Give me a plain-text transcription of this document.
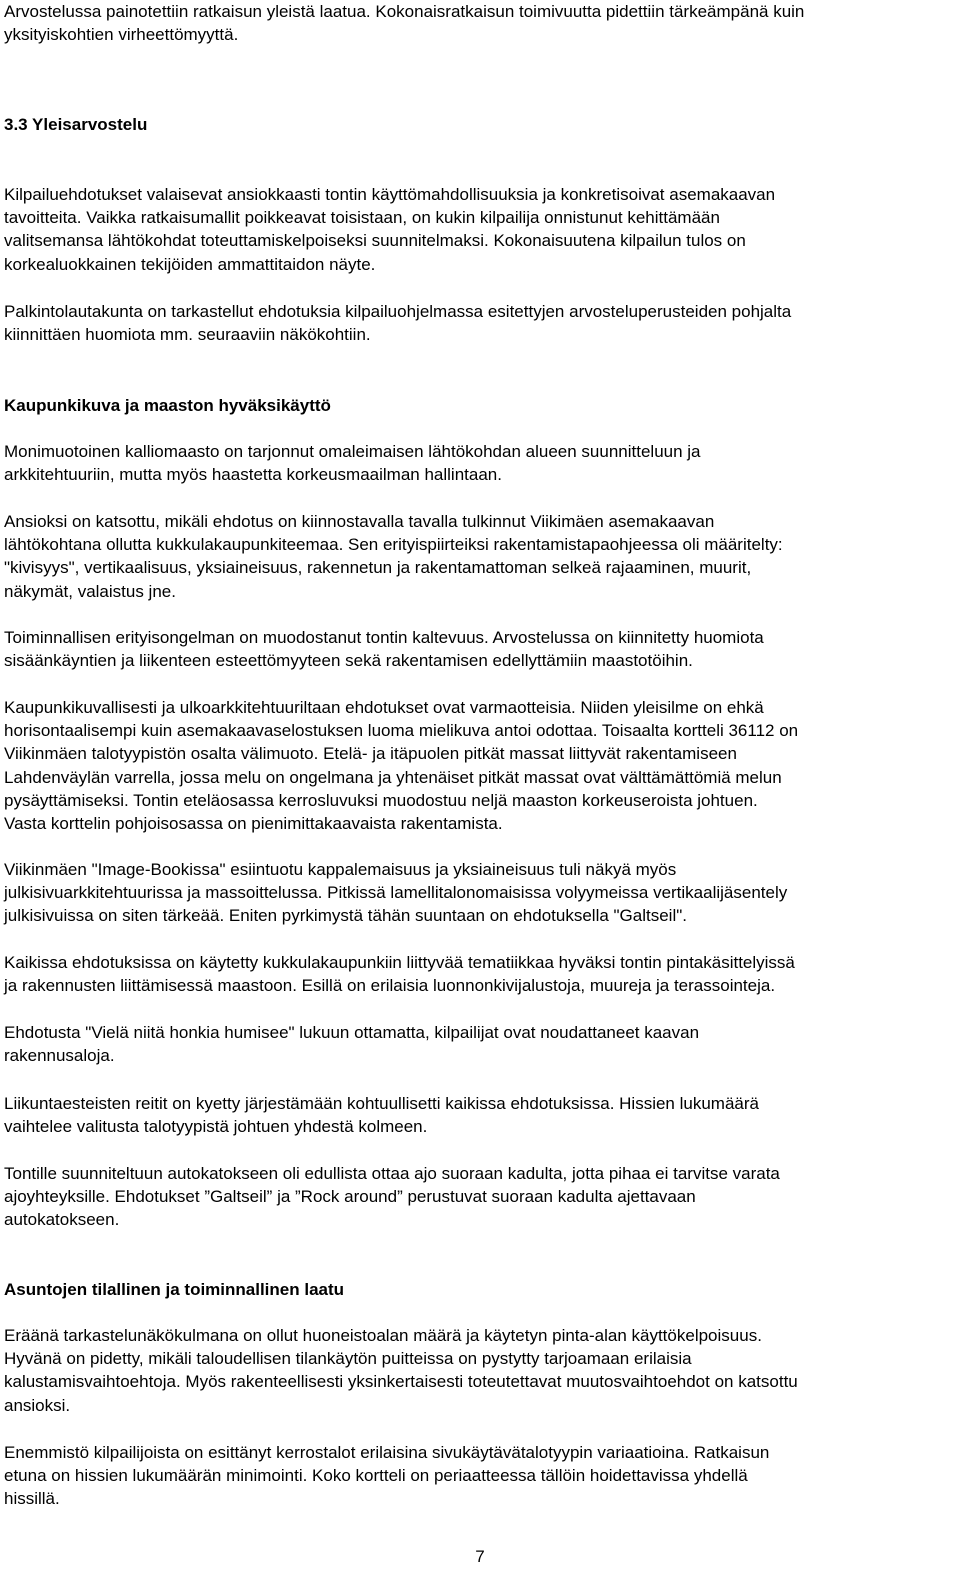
Arvostelussa painotettiin ratkaisun yleistä laatua. Kokonaisratkaisun toimivuutta pidettiin tärkeämpänä kuin
yksityiskohtien virheettömyyttä.

3.3 Yleisarvostelu

Kilpailuehdotukset valaisevat ansiokkaasti tontin käyttömahdollisuuksia ja konkretisoivat asemakaavan
tavoitteita. Vaikka ratkaisumallit poikkeavat toisistaan, on kukin kilpailija onnistunut kehittämään
valitsemansa lähtökohdat toteuttamiskelpoiseksi suunnitelmaksi. Kokonaisuutena kilpailun tulos on
korkealuokkainen tekijöiden ammattitaidon näyte.

Palkintolautakunta on tarkastellut ehdotuksia kilpailuohjelmassa esitettyjen arvosteluperusteiden pohjalta
kiinnittäen huomiota mm. seuraaviin näkökohtiin.

Kaupunkikuva ja maaston hyväksikäyttö

Monimuotoinen kalliomaasto on tarjonnut omaleimaisen lähtökohdan alueen suunnitteluun ja
arkkitehtuuriin, mutta myös haastetta korkeusmaailman hallintaan.

Ansioksi on katsottu, mikäli ehdotus on kiinnostavalla tavalla tulkinnut Viikimäen asemakaavan
lähtökohtana ollutta kukkulakaupunkiteemaa. Sen erityispiirteiksi rakentamistapaohjeessa oli määritelty:
"kivisyys", vertikaalisuus, yksiaineisuus, rakennetun ja rakentamattoman selkeä rajaaminen, muurit,
näkymät, valaistus jne.

Toiminnallisen erityisongelman on muodostanut tontin kaltevuus. Arvostelussa on kiinnitetty huomiota
sisäänkäyntien ja liikenteen esteettömyyteen sekä rakentamisen edellyttämiin maastotöihin.

Kaupunkikuvallisesti ja ulkoarkkitehtuuriltaan ehdotukset ovat varmaotteisia. Niiden yleisilme on ehkä
horisontaalisempi kuin asemakaavaselostuksen luoma mielikuva antoi odottaa. Toisaalta kortteli 36112 on
Viikinmäen talotyypistön osalta välimuoto. Etelä- ja itäpuolen pitkät massat liittyvät rakentamiseen
Lahdenväylän varrella, jossa melu on ongelmana ja yhtenäiset pitkät massat ovat välttämättömiä melun
pysäyttämiseksi. Tontin eteläosassa kerrosluvuksi muodostuu neljä maaston korkeuseroista johtuen.
Vasta korttelin pohjoisosassa on pienimittakaavaista rakentamista.

Viikinmäen "Image-Bookissa" esiintuotu kappalemaisuus ja yksiaineisuus tuli näkyä myös
julkisivuarkkitehtuurissa ja massoittelussa. Pitkissä lamellitalonomaisissa volyymeissa vertikaalijäsentely
julkisivuissa on siten tärkeää. Eniten pyrkimystä tähän suuntaan on ehdotuksella "Galtseil".

Kaikissa ehdotuksissa on käytetty kukkulakaupunkiin liittyvää tematiikkaa hyväksi tontin pintakäsittelyissä
ja rakennusten liittämisessä maastoon. Esillä on erilaisia luonnonkivijalustoja, muureja ja terassointeja.

Ehdotusta "Vielä niitä honkia humisee" lukuun ottamatta, kilpailijat ovat noudattaneet kaavan
rakennusaloja.

Liikuntaesteisten reitit on kyetty järjestämään kohtuullisetti kaikissa ehdotuksissa. Hissien lukumäärä
vaihtelee valitusta talotyypistä johtuen yhdestä kolmeen.

Tontille suunniteltuun autokatokseen oli edullista ottaa ajo suoraan kadulta, jotta pihaa ei tarvitse varata
ajoyhteyksille. Ehdotukset ”Galtseil” ja ”Rock around” perustuvat suoraan kadulta ajettavaan
autokatokseen.

Asuntojen tilallinen ja toiminnallinen laatu

Eräänä tarkastelunäkökulmana on ollut huoneistoalan määrä ja käytetyn pinta-alan käyttökelpoisuus.
Hyvänä on pidetty, mikäli taloudellisen tilankäytön puitteissa on pystytty tarjoamaan erilaisia
kalustamisvaihtoehtoja. Myös rakenteellisesti yksinkertaisesti toteutettavat muutosvaihtoehdot on katsottu
ansioksi.

Enemmistö kilpailijoista on esittänyt kerrostalot erilaisina sivukäytävätalotyypin variaatioina. Ratkaisun
etuna on hissien lukumäärän minimointi. Koko kortteli on periaatteessa tällöin hoidettavissa yhdellä
hissillä.

7
